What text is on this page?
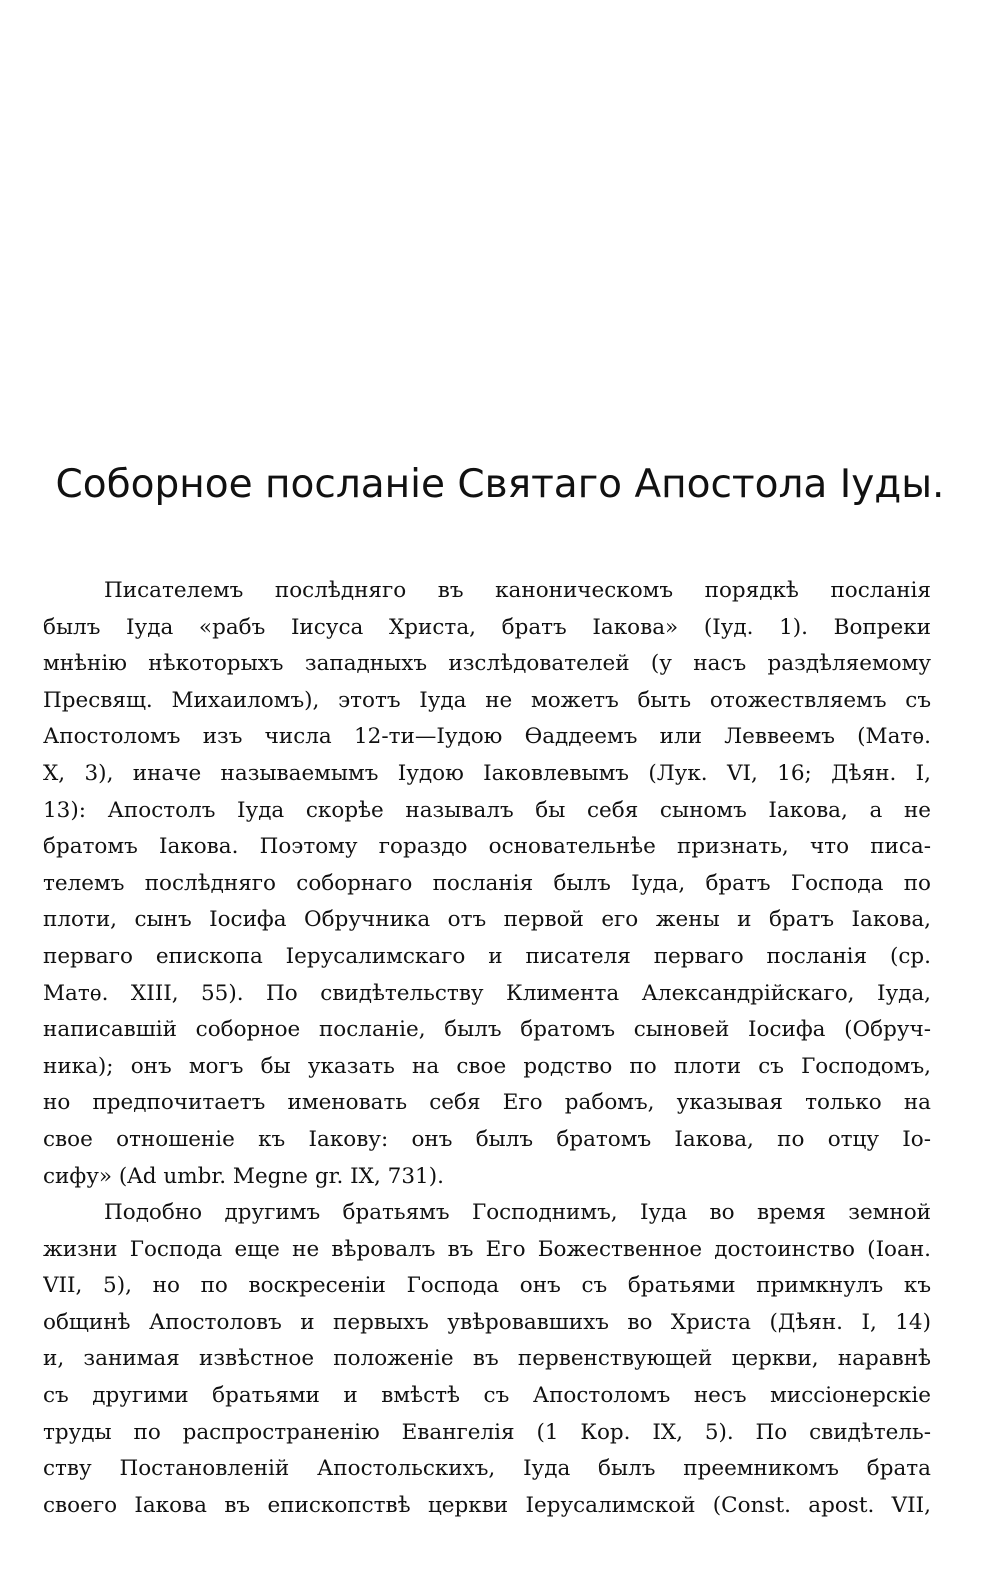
Соборное посланіе Святаго Апостола Іуды.
Писателемъ послѣдняго въ каноническомъ порядкѣ посланія
былъ Іуда «рабъ Іисуса Христа, братъ Іакова» (Іуд. 1). Вопреки
мнѣнію нѣкоторыхъ западныхъ изслѣдователей (у насъ раздѣляемому
Пресвящ. Михаиломъ), этотъ Іуда не можетъ быть отожествляемъ съ
Апостоломъ изъ числа 12-ти—Іудою Ѳаддеемъ или Леввеемъ (Матѳ.
X, 3), иначе называемымъ Іудою Іаковлевымъ (Лук. VI, 16; Дѣян. I,
13): Апостолъ Іуда скорѣе называлъ бы себя сыномъ Іакова, а не
братомъ Іакова. Поэтому гораздо основательнѣе признать, что писа-
телемъ послѣдняго соборнаго посланія былъ Іуда, братъ Господа по
плоти, сынъ Іосифа Обручника отъ первой его жены и братъ Іакова,
перваго епископа Іерусалимскаго и писателя перваго посланія (ср.
Матѳ. XIII, 55). По свидѣтельству Климента Александрійскаго, Іуда,
написавшій соборное посланіе, былъ братомъ сыновей Іосифа (Обруч-
ника); онъ могъ бы указать на свое родство по плоти съ Господомъ,
но предпочитаетъ именовать себя Его рабомъ, указывая только на
свое отношеніе къ Іакову: онъ былъ братомъ Іакова, по отцу Іо-
сифу» (Ad umbr. Megne gr. IX, 731).
Подобно другимъ братьямъ Господнимъ, Іуда во время земной
жизни Господа еще не вѣровалъ въ Его Божественное достоинство (Іоан.
VII, 5), но по воскресеніи Господа онъ съ братьями примкнулъ къ
общинѣ Апостоловъ и первыхъ увѣровавшихъ во Христа (Дѣян. I, 14)
и, занимая извѣстное положеніе въ первенствующей церкви, наравнѣ
съ другими братьями и вмѣстѣ съ Апостоломъ несъ миссіонерскіе
труды по распространенію Евангелія (1 Кор. IX, 5). По свидѣтель-
ству Постановленій Апостольскихъ, Іуда былъ преемникомъ брата
своего Іакова въ епископствѣ церкви Іерусалимской (Const. apost. VII,
